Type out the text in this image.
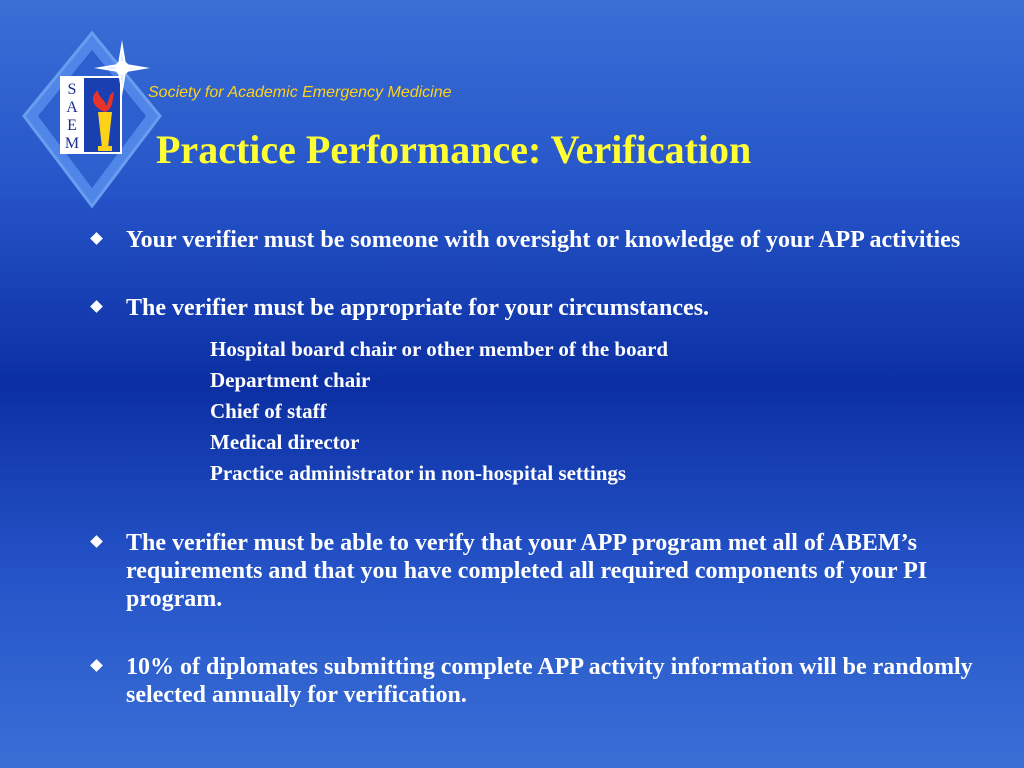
S
A
E
M
Society for Academic Emergency Medicine
Practice Performance: Verification
Your verifier must be someone with oversight or knowledge of your APP activities
The verifier must be appropriate for your circumstances.
Hospital board chair or other member of the board
Department chair
Chief of staff
Medical director
Practice administrator in non-hospital settings
The verifier must be able to verify that your APP program met all of ABEM’s requirements and that you have completed all required components of your PI program.
10% of diplomates submitting complete APP activity information will be randomly selected annually for verification.
